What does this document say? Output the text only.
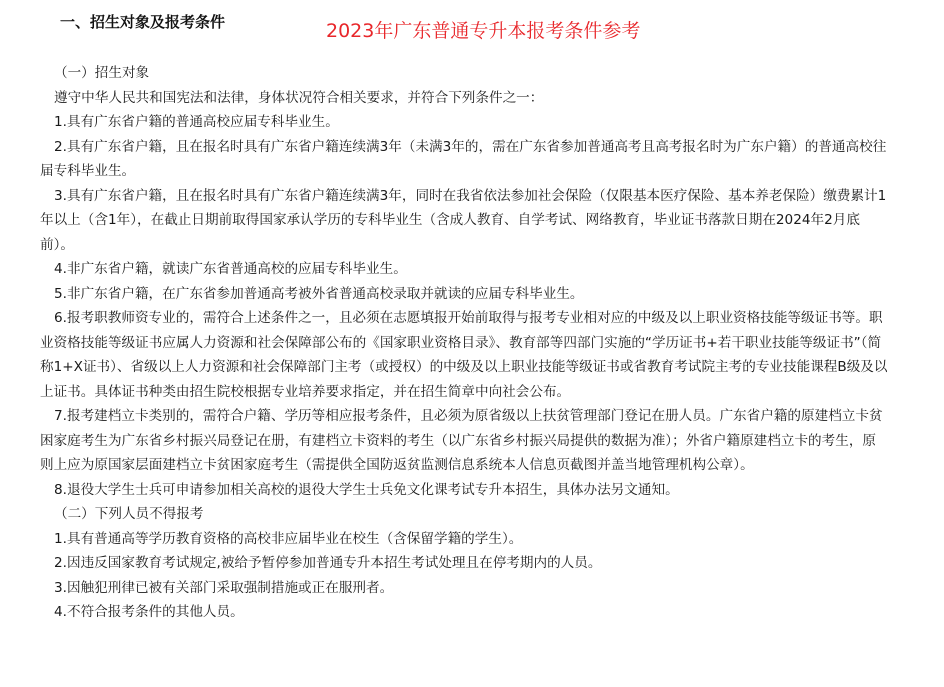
一、招生对象及报考条件	2023年广东普通专升本报考条件参考

（一）招生对象

遵守中华人民共和国宪法和法律，身体状况符合相关要求，并符合下列条件之一：

1.具有广东省户籍的普通高校应届专科毕业生。

2.具有广东省户籍，且在报名时具有广东省户籍连续满3年（未满3年的，需在广东省参加普通高考且高考报名时为广东户籍）的普通高校往届专科毕业生。

3.具有广东省户籍，且在报名时具有广东省户籍连续满3年，同时在我省依法参加社会保险（仅限基本医疗保险、基本养老保险）缴费累计1年以上（含1年），在截止日期前取得国家承认学历的专科毕业生（含成人教育、自学考试、网络教育，毕业证书落款日期在2024年2月底前）。

4.非广东省户籍，就读广东省普通高校的应届专科毕业生。

5.非广东省户籍，在广东省参加普通高考被外省普通高校录取并就读的应届专科毕业生。

6.报考职教师资专业的，需符合上述条件之一，且必须在志愿填报开始前取得与报考专业相对应的中级及以上职业资格技能等级证书等。职业资格技能等级证书应属人力资源和社会保障部公布的《国家职业资格目录》、教育部等四部门实施的“学历证书+若干职业技能等级证书”（简称1+X证书）、省级以上人力资源和社会保障部门主考（或授权）的中级及以上职业技能等级证书或省教育考试院主考的专业技能课程B级及以上证书。具体证书种类由招生院校根据专业培养要求指定，并在招生简章中向社会公布。

7.报考建档立卡类别的，需符合户籍、学历等相应报考条件，且必须为原省级以上扶贫管理部门登记在册人员。广东省户籍的原建档立卡贫困家庭考生为广东省乡村振兴局登记在册，有建档立卡资料的考生（以广东省乡村振兴局提供的数据为准）；外省户籍原建档立卡的考生，原则上应为原国家层面建档立卡贫困家庭考生（需提供全国防返贫监测信息系统本人信息页截图并盖当地管理机构公章）。

8.退役大学生士兵可申请参加相关高校的退役大学生士兵免文化课考试专升本招生，具体办法另文通知。

（二）下列人员不得报考

1.具有普通高等学历教育资格的高校非应届毕业在校生（含保留学籍的学生）。

2.因违反国家教育考试规定,被给予暂停参加普通专升本招生考试处理且在停考期内的人员。

3.因触犯刑律已被有关部门采取强制措施或正在服刑者。

4.不符合报考条件的其他人员。
